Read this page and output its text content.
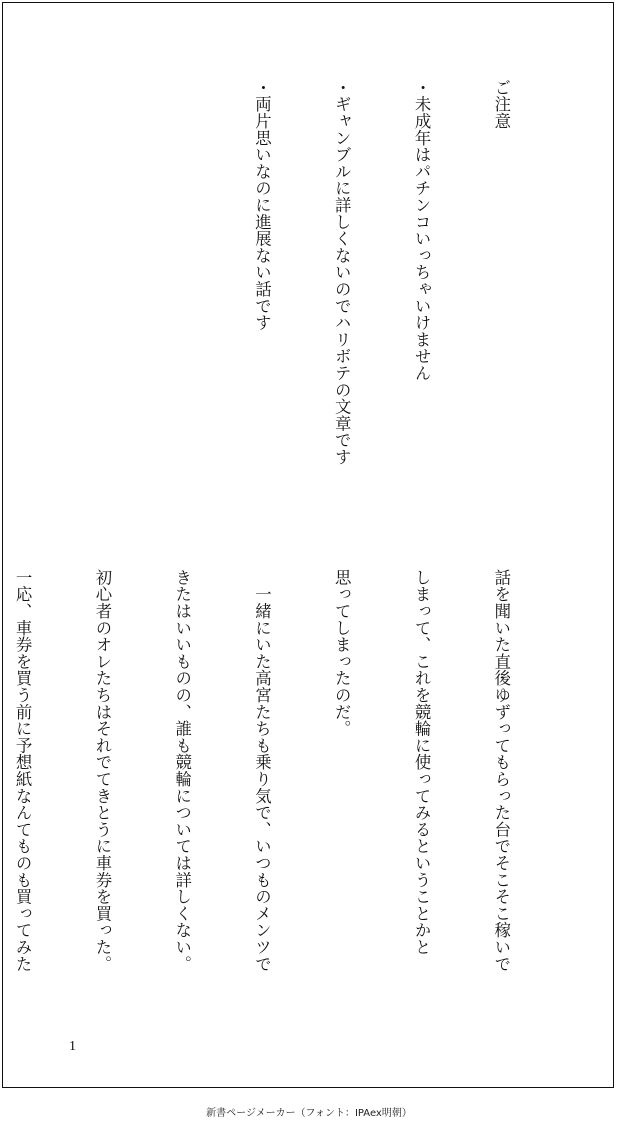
ご注意

・未成年はパチンコいっちゃいけません

・ギャンブルに詳しくないのでハリボテの文章です

・両片思いなのに進展ない話です

話を聞いた直後ゆずってもらった台でそこそこ稼いで

しまって、これを競輪に使ってみるということかと

思ってしまったのだ。

　一緒にいた高宮たちも乗り気で、いつものメンツで

きたはいいものの、誰も競輪については詳しくない。

初心者のオレたちはそれでてきとうに車券を買った。

一応、車券を買う前に予想紙なんてものも買ってみた

1
新書ページメーカー（フォント：IPAex明朝）
